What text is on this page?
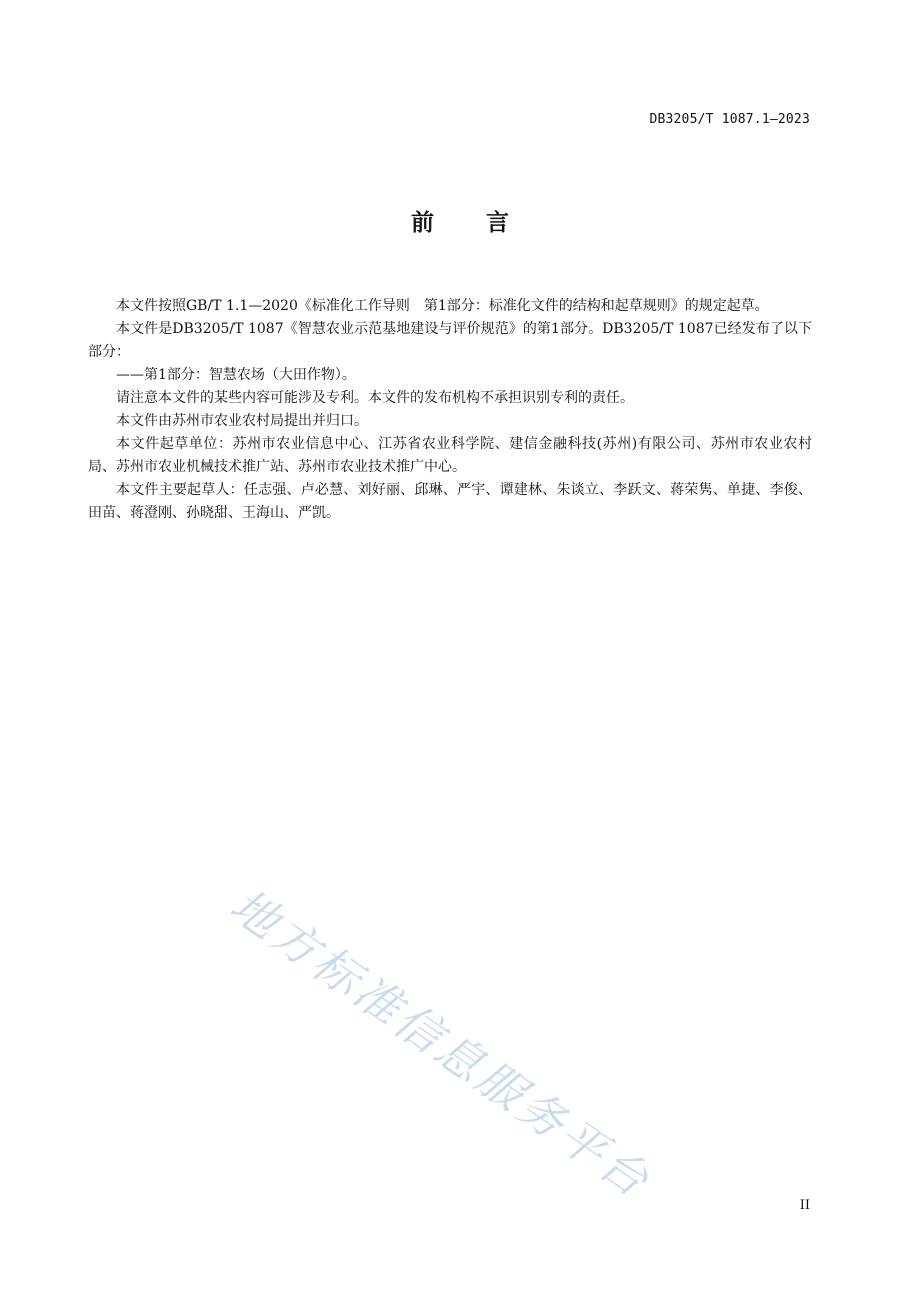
DB3205/T 1087.1—2023
前言

本文件按照GB/T 1.1—2020《标准化工作导则　第1部分：标准化文件的结构和起草规则》的规定起草。

本文件是DB3205/T 1087《智慧农业示范基地建设与评价规范》的第1部分。DB3205/T 1087已经发布了以下部分：

——第1部分：智慧农场（大田作物）。

请注意本文件的某些内容可能涉及专利。本文件的发布机构不承担识别专利的责任。

本文件由苏州市农业农村局提出并归口。

本文件起草单位：苏州市农业信息中心、江苏省农业科学院、建信金融科技(苏州)有限公司、苏州市农业农村局、苏州市农业机械技术推广站、苏州市农业技术推广中心。

本文件主要起草人：任志强、卢必慧、刘好丽、邱琳、严宇、谭建林、朱谈立、李跃文、蒋荣隽、单捷、李俊、田苗、蒋澄刚、孙晓甜、王海山、严凯。

地方标准信息服务平台	II
